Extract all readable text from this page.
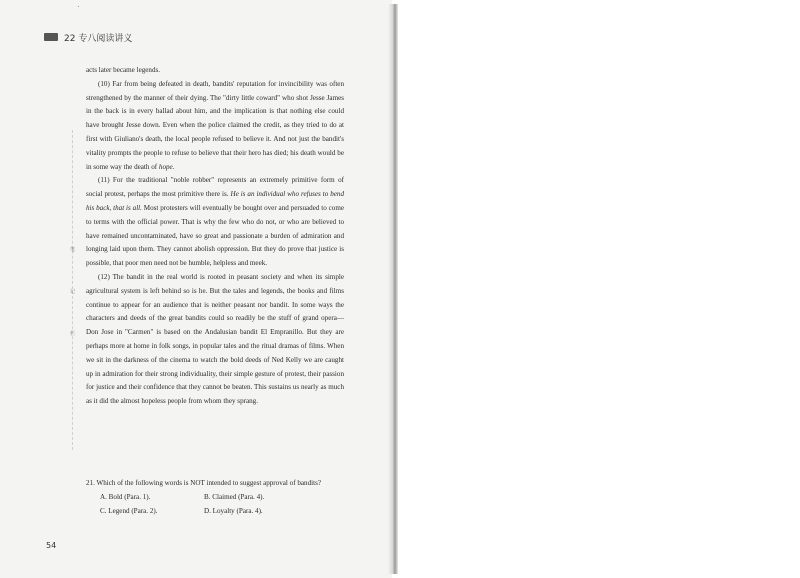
22 专八阅读讲义
笔
记
栏

acts later became legends.

(10) Far from being defeated in death, bandits' reputation for invincibility was often strengthened by the manner of their dying. The "dirty little coward" who shot Jesse James in the back is in every ballad about him, and the implication is that nothing else could have brought Jesse down. Even when the police claimed the credit, as they tried to do at first with Giuliano's death, the local people refused to believe it. And not just the bandit's vitality prompts the people to refuse to believe that their hero has died; his death would be in some way the death of hope.

(11) For the traditional "noble robber" represents an extremely primitive form of social protest, perhaps the most primitive there is. He is an individual who refuses to bend his back, that is all. Most protesters will eventually be bought over and persuaded to come to terms with the official power. That is why the few who do not, or who are believed to have remained uncontaminated, have so great and passionate a burden of admiration and longing laid upon them. They cannot abolish oppression. But they do prove that justice is possible, that poor men need not be humble, helpless and meek.

(12) The bandit in the real world is rooted in peasant society and when its simple agricultural system is left behind so is he. But the tales and legends, the books and films continue to appear for an audience that is neither peasant nor bandit. In some ways the characters and deeds of the great bandits could so readily be the stuff of grand opera—Don Jose in "Carmen" is based on the Andalusian bandit El Empranillo. But they are perhaps more at home in folk songs, in popular tales and the ritual dramas of films. When we sit in the darkness of the cinema to watch the bold deeds of Ned Kelly we are caught up in admiration for their strong individuality, their simple gesture of protest, their passion for justice and their confidence that they cannot be beaten. This sustains us nearly as much as it did the almost hopeless people from whom they sprang.

21. Which of the following words is NOT intended to suggest approval of bandits?
A. Bold (Para. 1).	B. Claimed (Para. 4).
C. Legend (Para. 2).	D. Loyalty (Para. 4).
54
